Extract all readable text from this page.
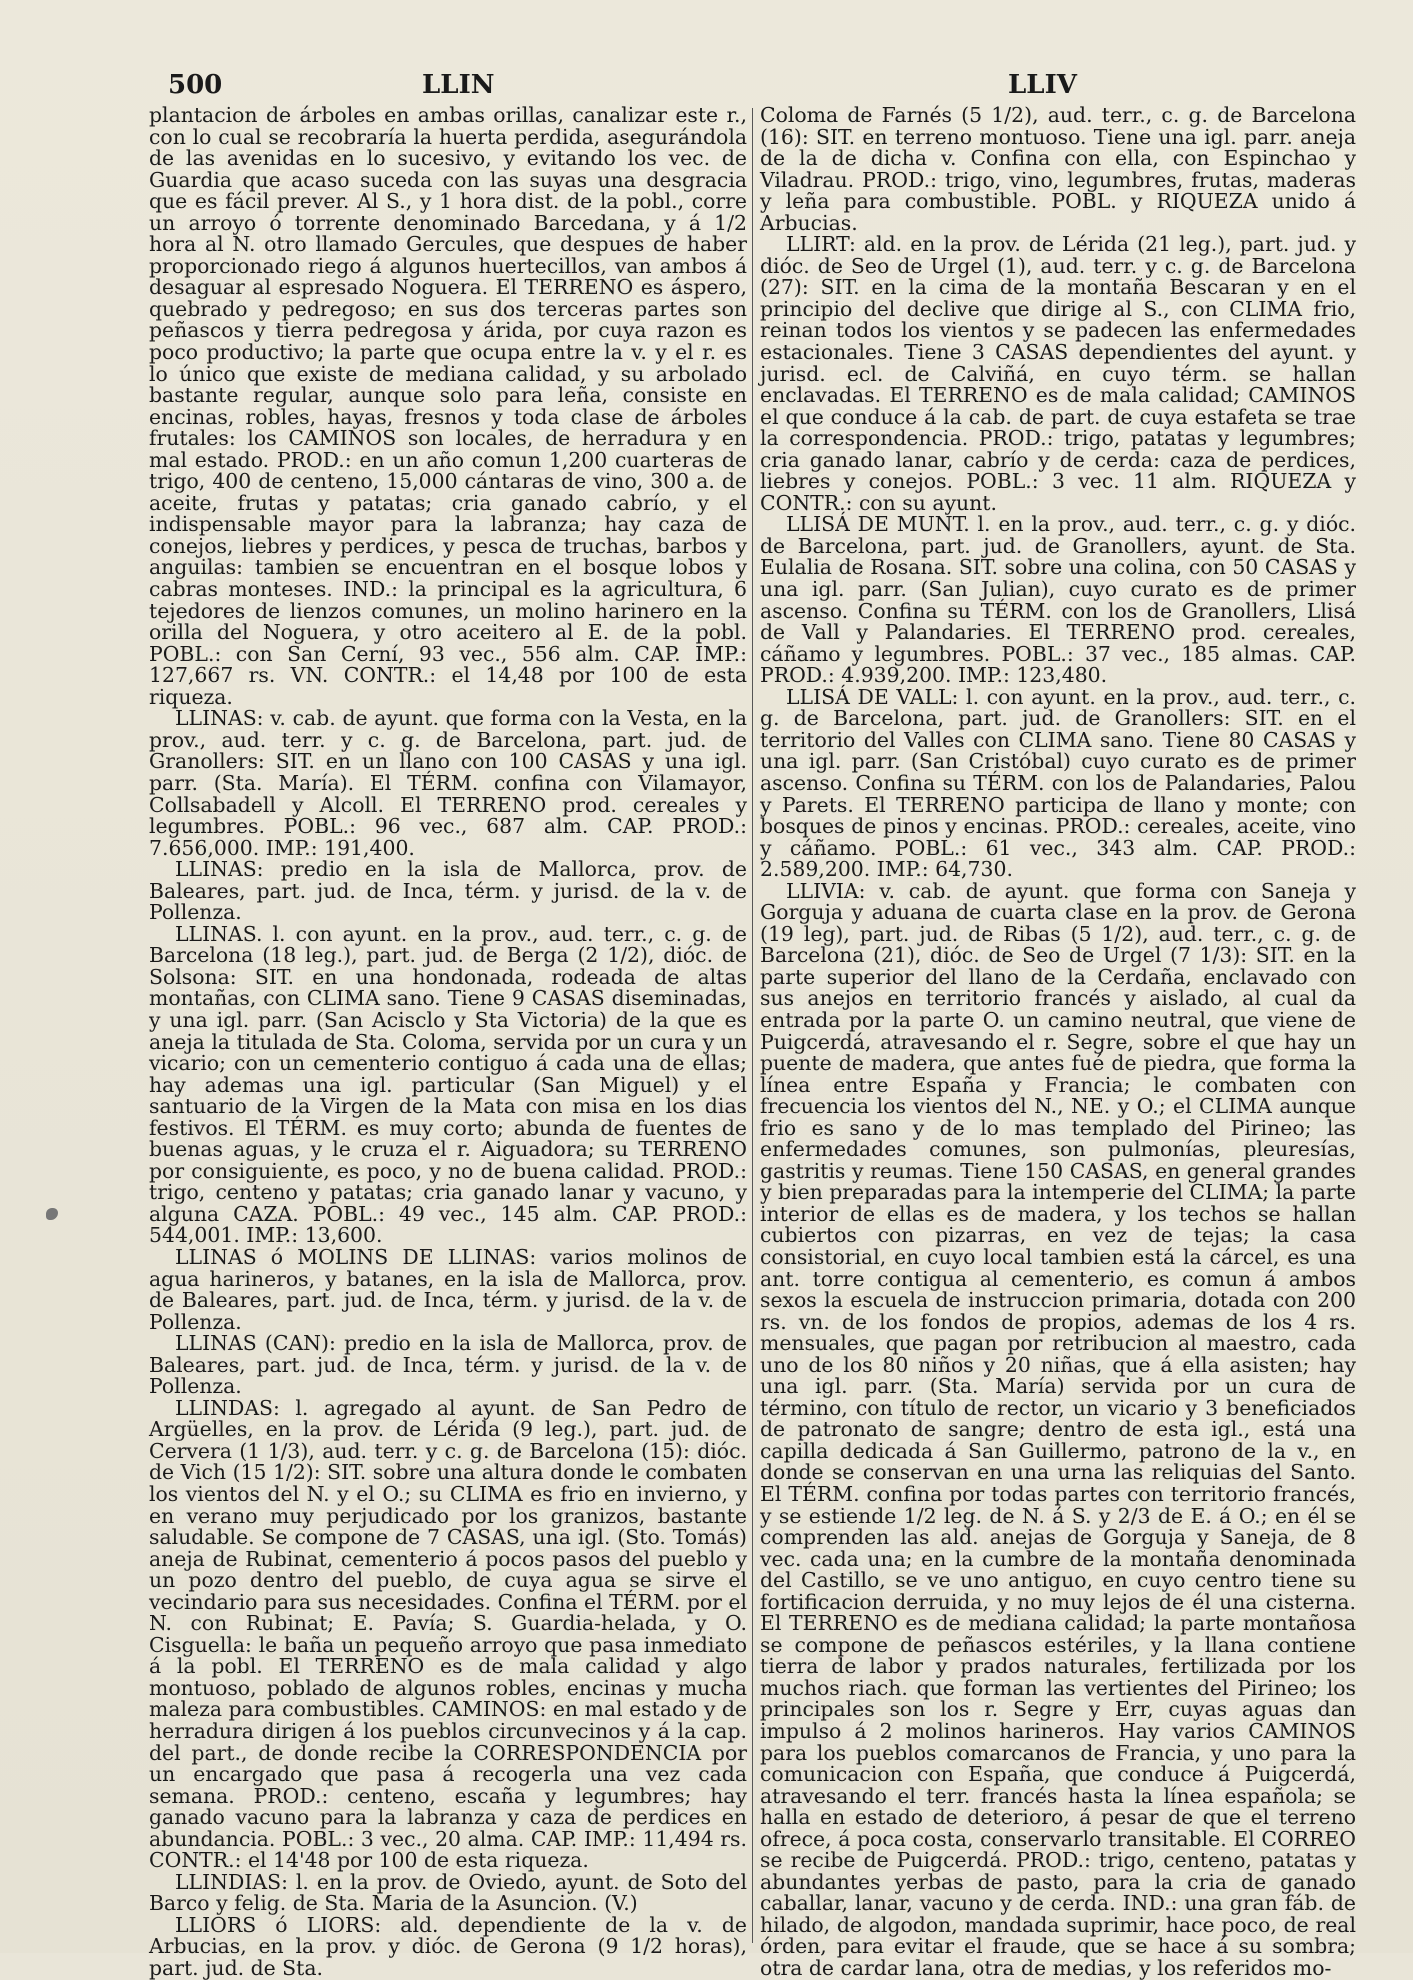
500	LLIN	LLIV

plantacion de árboles en ambas orillas, canalizar este r., con lo cual se recobraría la huerta perdida, asegurándola de las avenidas en lo sucesivo, y evitando los vec. de Guardia que acaso suceda con las suyas una desgracia que es fácil prever. Al S., y 1 hora dist. de la pobl., corre un arroyo ó torrente denominado Barcedana, y á 1/2 hora al N. otro llamado Gercules, que despues de haber proporcionado riego á algunos huertecillos, van ambos á desaguar al espresado Noguera. El TERRENO es áspero, quebrado y pedregoso; en sus dos terceras partes son peñascos y tierra pedregosa y árida, por cuya razon es poco productivo; la parte que ocupa entre la v. y el r. es lo único que existe de mediana calidad, y su arbolado bastante regular, aunque solo para leña, consiste en encinas, robles, hayas, fresnos y toda clase de árboles frutales: los CAMINOS son locales, de herradura y en mal estado. PROD.: en un año comun 1,200 cuarteras de trigo, 400 de centeno, 15,000 cántaras de vino, 300 a. de aceite, frutas y patatas; cria ganado cabrío, y el indispensable mayor para la labranza; hay caza de conejos, liebres y perdices, y pesca de truchas, barbos y anguilas: tambien se encuentran en el bosque lobos y cabras monteses. IND.: la principal es la agricultura, 6 tejedores de lienzos comunes, un molino harinero en la orilla del Noguera, y otro aceitero al E. de la pobl. POBL.: con San Cerní, 93 vec., 556 alm. CAP. IMP.: 127,667 rs. VN. CONTR.: el 14,48 por 100 de esta riqueza.

LLINAS: v. cab. de ayunt. que forma con la Vesta, en la prov., aud. terr. y c. g. de Barcelona, part. jud. de Granollers: SIT. en un llano con 100 CASAS y una igl. parr. (Sta. María). El TÉRM. confina con Vilamayor, Collsabadell y Alcoll. El TERRENO prod. cereales y legumbres. POBL.: 96 vec., 687 alm. CAP. PROD.: 7.656,000. IMP.: 191,400.

LLINAS: predio en la isla de Mallorca, prov. de Baleares, part. jud. de Inca, térm. y jurisd. de la v. de Pollenza.

LLINAS. l. con ayunt. en la prov., aud. terr., c. g. de Barcelona (18 leg.), part. jud. de Berga (2 1/2), dióc. de Solsona: SIT. en una hondonada, rodeada de altas montañas, con CLIMA sano. Tiene 9 CASAS diseminadas, y una igl. parr. (San Acisclo y Sta Victoria) de la que es aneja la titulada de Sta. Coloma, servida por un cura y un vicario; con un cementerio contiguo á cada una de ellas; hay ademas una igl. particular (San Miguel) y el santuario de la Virgen de la Mata con misa en los dias festivos. El TÉRM. es muy corto; abunda de fuentes de buenas aguas, y le cruza el r. Aiguadora; su TERRENO por consiguiente, es poco, y no de buena calidad. PROD.: trigo, centeno y patatas; cria ganado lanar y vacuno, y alguna CAZA. POBL.: 49 vec., 145 alm. CAP. PROD.: 544,001. IMP.: 13,600.

LLINAS ó MOLINS DE LLINAS: varios molinos de agua harineros, y batanes, en la isla de Mallorca, prov. de Baleares, part. jud. de Inca, térm. y jurisd. de la v. de Pollenza.

LLINAS (CAN): predio en la isla de Mallorca, prov. de Baleares, part. jud. de Inca, térm. y jurisd. de la v. de Pollenza.

LLINDAS: l. agregado al ayunt. de San Pedro de Argüelles, en la prov. de Lérida (9 leg.), part. jud. de Cervera (1 1/3), aud. terr. y c. g. de Barcelona (15): dióc. de Vich (15 1/2): SIT. sobre una altura donde le combaten los vientos del N. y el O.; su CLIMA es frio en invierno, y en verano muy perjudicado por los granizos, bastante saludable. Se compone de 7 CASAS, una igl. (Sto. Tomás) aneja de Rubinat, cementerio á pocos pasos del pueblo y un pozo dentro del pueblo, de cuya agua se sirve el vecindario para sus necesidades. Confina el TÉRM. por el N. con Rubinat; E. Pavía; S. Guardia-helada, y O. Cisguella: le baña un pequeño arroyo que pasa inmediato á la pobl. El TERRENO es de mala calidad y algo montuoso, poblado de algunos robles, encinas y mucha maleza para combustibles. CAMINOS: en mal estado y de herradura dirigen á los pueblos circunvecinos y á la cap. del part., de donde recibe la CORRESPONDENCIA por un encargado que pasa á recogerla una vez cada semana. PROD.: centeno, escaña y legumbres; hay ganado vacuno para la labranza y caza de perdices en abundancia. POBL.: 3 vec., 20 alma. CAP. IMP.: 11,494 rs. CONTR.: el 14'48 por 100 de esta riqueza.

LLINDIAS: l. en la prov. de Oviedo, ayunt. de Soto del Barco y felig. de Sta. Maria de la Asuncion. (V.)

LLIORS ó LIORS: ald. dependiente de la v. de Arbucias, en la prov. y dióc. de Gerona (9 1/2 horas), part. jud. de Sta.

Coloma de Farnés (5 1/2), aud. terr., c. g. de Barcelona (16): SIT. en terreno montuoso. Tiene una igl. parr. aneja de la de dicha v. Confina con ella, con Espinchao y Viladrau. PROD.: trigo, vino, legumbres, frutas, maderas y leña para combustible. POBL. y RIQUEZA unido á Arbucias.

LLIRT: ald. en la prov. de Lérida (21 leg.), part. jud. y dióc. de Seo de Urgel (1), aud. terr. y c. g. de Barcelona (27): SIT. en la cima de la montaña Bescaran y en el principio del declive que dirige al S., con CLIMA frio, reinan todos los vientos y se padecen las enfermedades estacionales. Tiene 3 CASAS dependientes del ayunt. y jurisd. ecl. de Calviñá, en cuyo térm. se hallan enclavadas. El TERRENO es de mala calidad; CAMINOS el que conduce á la cab. de part. de cuya estafeta se trae la correspondencia. PROD.: trigo, patatas y legumbres; cria ganado lanar, cabrío y de cerda: caza de perdices, liebres y conejos. POBL.: 3 vec. 11 alm. RIQUEZA y CONTR.: con su ayunt.

LLISÁ DE MUNT. l. en la prov., aud. terr., c. g. y dióc. de Barcelona, part. jud. de Granollers, ayunt. de Sta. Eulalia de Rosana. SIT. sobre una colina, con 50 CASAS y una igl. parr. (San Julian), cuyo curato es de primer ascenso. Confina su TÉRM. con los de Granollers, Llisá de Vall y Palandaries. El TERRENO prod. cereales, cáñamo y legumbres. POBL.: 37 vec., 185 almas. CAP. PROD.: 4.939,200. IMP.: 123,480.

LLISÁ DE VALL: l. con ayunt. en la prov., aud. terr., c. g. de Barcelona, part. jud. de Granollers: SIT. en el territorio del Valles con CLIMA sano. Tiene 80 CASAS y una igl. parr. (San Cristóbal) cuyo curato es de primer ascenso. Confina su TÉRM. con los de Palandaries, Palou y Parets. El TERRENO participa de llano y monte; con bosques de pinos y encinas. PROD.: cereales, aceite, vino y cáñamo. POBL.: 61 vec., 343 alm. CAP. PROD.: 2.589,200. IMP.: 64,730.

LLIVIA: v. cab. de ayunt. que forma con Saneja y Gorguja y aduana de cuarta clase en la prov. de Gerona (19 leg), part. jud. de Ribas (5 1/2), aud. terr., c. g. de Barcelona (21), dióc. de Seo de Urgel (7 1/3): SIT. en la parte superior del llano de la Cerdaña, enclavado con sus anejos en territorio francés y aislado, al cual da entrada por la parte O. un camino neutral, que viene de Puigcerdá, atravesando el r. Segre, sobre el que hay un puente de madera, que antes fué de piedra, que forma la línea entre España y Francia; le combaten con frecuencia los vientos del N., NE. y O.; el CLIMA aunque frio es sano y de lo mas templado del Pirineo; las enfermedades comunes, son pulmonías, pleuresías, gastritis y reumas. Tiene 150 CASAS, en general grandes y bien preparadas para la intemperie del CLIMA; la parte interior de ellas es de madera, y los techos se hallan cubiertos con pizarras, en vez de tejas; la casa consistorial, en cuyo local tambien está la cárcel, es una ant. torre contigua al cementerio, es comun á ambos sexos la escuela de instruccion primaria, dotada con 200 rs. vn. de los fondos de propios, ademas de los 4 rs. mensuales, que pagan por retribucion al maestro, cada uno de los 80 niños y 20 niñas, que á ella asisten; hay una igl. parr. (Sta. María) servida por un cura de término, con título de rector, un vicario y 3 beneficiados de patronato de sangre; dentro de esta igl., está una capilla dedicada á San Guillermo, patrono de la v., en donde se conservan en una urna las reliquias del Santo. El TÉRM. confina por todas partes con territorio francés, y se estiende 1/2 leg. de N. á S. y 2/3 de E. á O.; en él se comprenden las ald. anejas de Gorguja y Saneja, de 8 vec. cada una; en la cumbre de la montaña denominada del Castillo, se ve uno antiguo, en cuyo centro tiene su fortificacion derruida, y no muy lejos de él una cisterna. El TERRENO es de mediana calidad; la parte montañosa se compone de peñascos estériles, y la llana contiene tierra de labor y prados naturales, fertilizada por los muchos riach. que forman las vertientes del Pirineo; los principales son los r. Segre y Err, cuyas aguas dan impulso á 2 molinos harineros. Hay varios CAMINOS para los pueblos comarcanos de Francia, y uno para la comunicacion con España, que conduce á Puigcerdá, atravesando el terr. francés hasta la línea española; se halla en estado de deterioro, á pesar de que el terreno ofrece, á poca costa, conservarlo transitable. El CORREO se recibe de Puigcerdá. PROD.: trigo, centeno, patatas y abundantes yerbas de pasto, para la cria de ganado caballar, lanar, vacuno y de cerda. IND.: una gran fáb. de hilado, de algodon, mandada suprimir, hace poco, de real órden, para evitar el fraude, que se hace á su sombra; otra de cardar lana, otra de medias, y los referidos mo-
